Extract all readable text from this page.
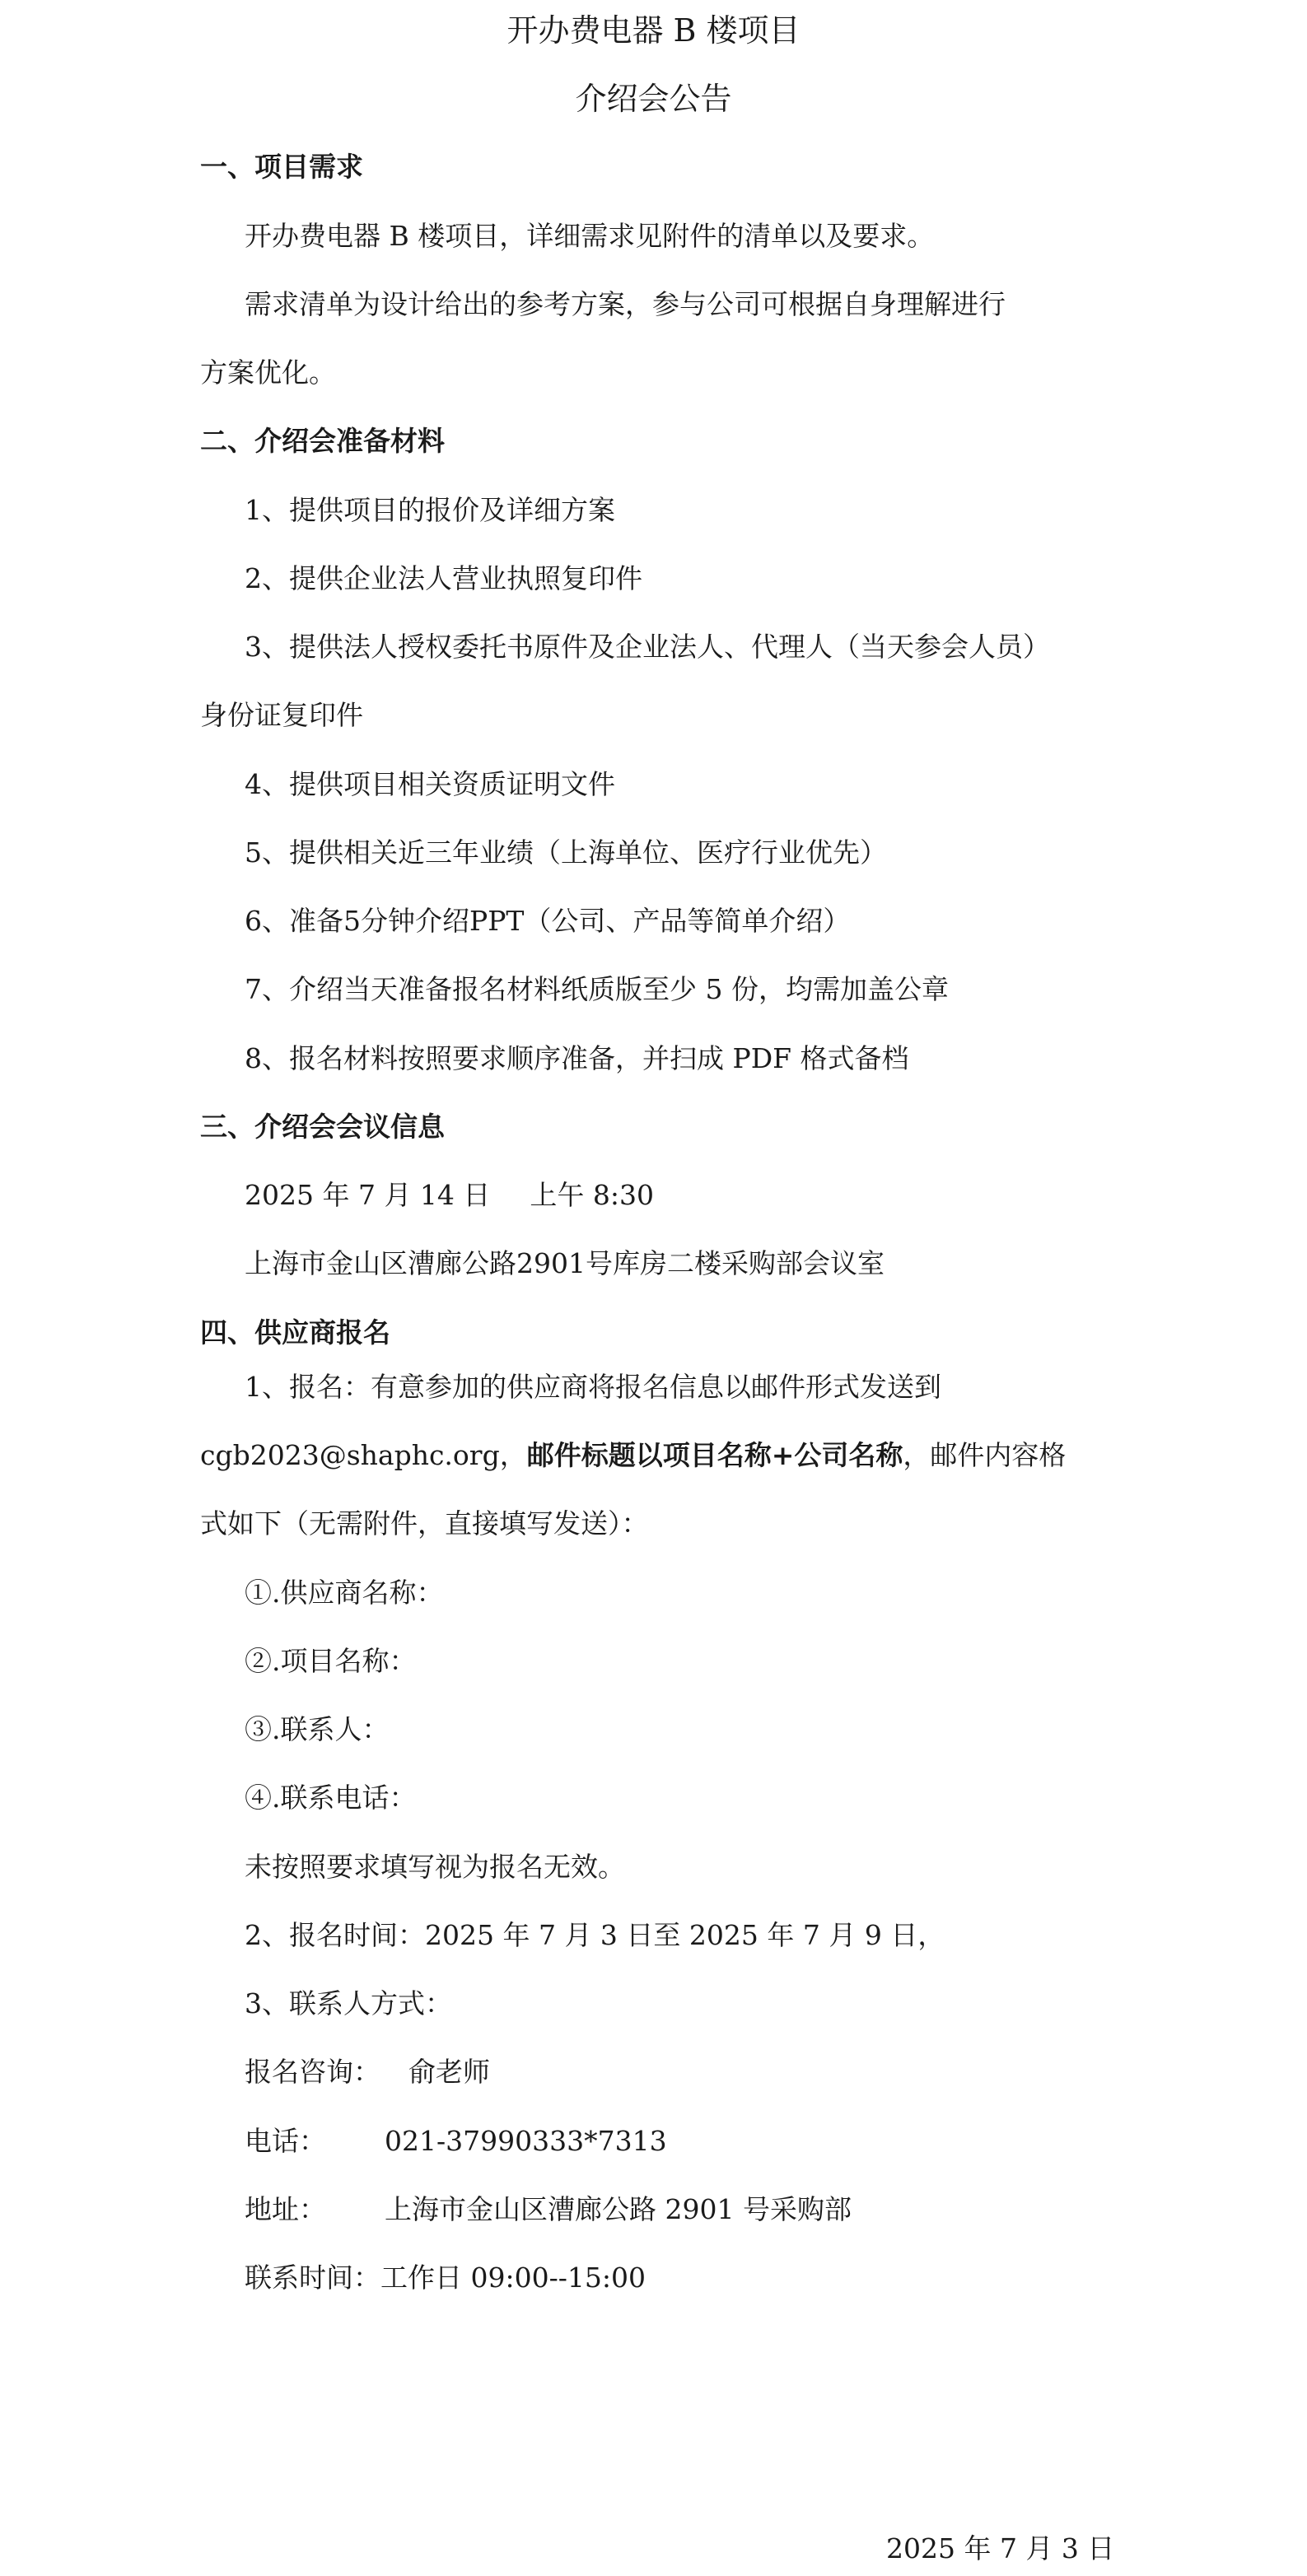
开办费电器 B 楼项目
介绍会公告
一、项目需求
开办费电器 B 楼项目，详细需求见附件的清单以及要求。
需求清单为设计给出的参考方案，参与公司可根据自身理解进行
方案优化。
二、介绍会准备材料
1、提供项目的报价及详细方案
2、提供企业法人营业执照复印件
3、提供法人授权委托书原件及企业法人、代理人（当天参会人员）
身份证复印件
4、提供项目相关资质证明文件
5、提供相关近三年业绩（上海单位、医疗行业优先）
6、准备5分钟介绍PPT（公司、产品等简单介绍）
7、介绍当天准备报名材料纸质版至少 5 份，均需加盖公章
8、报名材料按照要求顺序准备，并扫成 PDF 格式备档
三、介绍会会议信息
2025 年 7 月 14 日 上午 8:30
上海市金山区漕廊公路2901号库房二楼采购部会议室
四、供应商报名
1、报名：有意参加的供应商将报名信息以邮件形式发送到
cgb2023@shaphc.org，邮件标题以项目名称+公司名称，邮件内容格
式如下（无需附件，直接填写发送）：
①.供应商名称：
②.项目名称：
③.联系人：
④.联系电话：
未按照要求填写视为报名无效。
2、报名时间：2025 年 7 月 3 日至 2025 年 7 月 9 日，
3、联系人方式：
报名咨询： 俞老师
电话： 021-37990333*7313
地址： 上海市金山区漕廊公路 2901 号采购部
联系时间：工作日 09:00--15:00
2025 年 7 月 3 日
